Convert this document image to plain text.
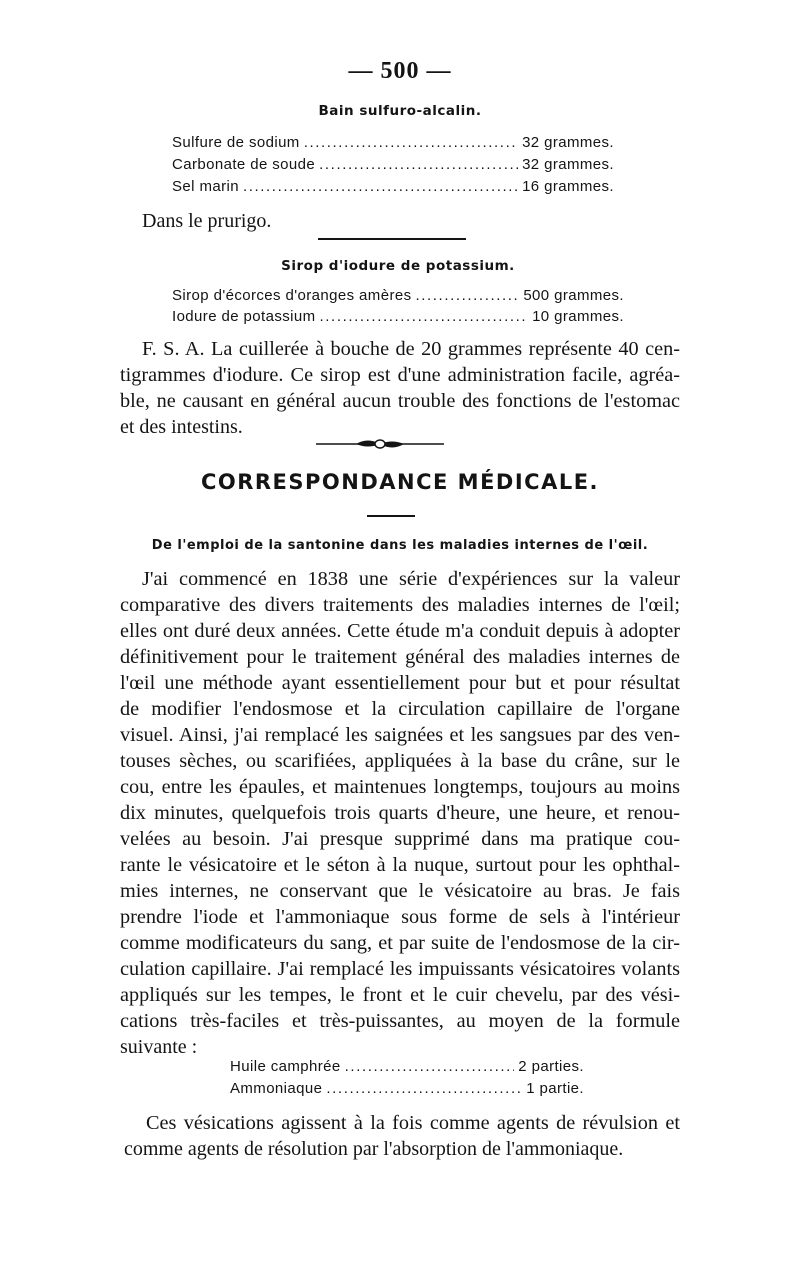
— 500 —
Bain sulfuro-alcalin.
Sulfure de sodium .....	32 grammes.
Carbonate de soude .....	32 grammes.
Sel marin .....	16 grammes.
Dans le prurigo.
Sirop d'iodure de potassium.
Sirop d'écorces d'oranges amères .....	500 grammes.
Iodure de potassium .....	10 grammes.
F. S. A. La cuillerée à bouche de 20 grammes représente 40 cen-
tigrammes d'iodure. Ce sirop est d'une administration facile, agréa-
ble, ne causant en général aucun trouble des fonctions de l'estomac
et des intestins.
CORRESPONDANCE MÉDICALE.
De l'emploi de la santonine dans les maladies internes de l'œil.
J'ai commencé en 1838 une série d'expériences sur la valeur
comparative des divers traitements des maladies internes de l'œil;
elles ont duré deux années. Cette étude m'a conduit depuis à adopter
définitivement pour le traitement général des maladies internes de
l'œil une méthode ayant essentiellement pour but et pour résultat
de modifier l'endosmose et la circulation capillaire de l'organe
visuel. Ainsi, j'ai remplacé les saignées et les sangsues par des ven-
touses sèches, ou scarifiées, appliquées à la base du crâne, sur le
cou, entre les épaules, et maintenues longtemps, toujours au moins
dix minutes, quelquefois trois quarts d'heure, une heure, et renou-
velées au besoin. J'ai presque supprimé dans ma pratique cou-
rante le vésicatoire et le séton à la nuque, surtout pour les ophthal-
mies internes, ne conservant que le vésicatoire au bras. Je fais
prendre l'iode et l'ammoniaque sous forme de sels à l'intérieur
comme modificateurs du sang, et par suite de l'endosmose de la cir-
culation capillaire. J'ai remplacé les impuissants vésicatoires volants
appliqués sur les tempes, le front et le cuir chevelu, par des vési-
cations très-faciles et très-puissantes, au moyen de la formule
suivante :
Huile camphrée .....	2 parties.
Ammoniaque .....	1 partie.
Ces vésications agissent à la fois comme agents de révulsion et
comme agents de résolution par l'absorption de l'ammoniaque.
